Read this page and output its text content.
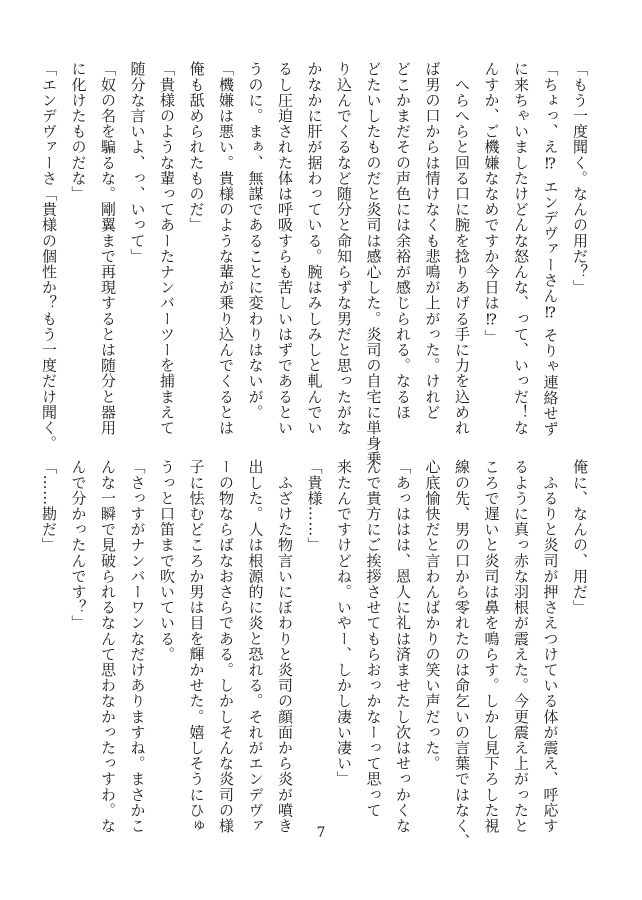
「もう一度聞く。なんの用だ？」
「ちょっ、え⁉︎ エンデヴァーさん⁉︎ そりゃ連絡せず
に来ちゃいましたけどんな怒んな、って、いっだ！な
んすか、ご機嫌ななめですか今日は⁉︎」
　へらへらと回る口に腕を捻りあげる手に力を込めれ
ば男の口からは情けなくも悲鳴が上がった。けれど
どこかまだその声色には余裕が感じられる。なるほ
どたいしたものだと炎司は感心した。炎司の自宅に単身乗
り込んでくるなど随分と命知らずな男だと思ったがな
かなかに肝が据わっている。腕はみしみしと軋んでい
るし圧迫された体は呼吸すらも苦しいはずであるとい
うのに。まぁ、無謀であることに変わりはないが。
「機嫌は悪い。貴様のような輩が乗り込んでくるとは
俺も舐められたものだ」
「貴様のような輩ってあーたナンバーツーを捕まえて
随分な言いよ、っ、いって」
「奴の名を騙るな。剛翼まで再現するとは随分と器用
に化けたものだな」
「エンデヴァーさ「貴様の個性か？もう一度だけ聞く。
俺に、なんの、用だ」
　ふるりと炎司が押さえつけている体が震え、呼応す
るように真っ赤な羽根が震えた。今更震え上がったと
ころで遅いと炎司は鼻を鳴らす。しかし見下ろした視
線の先、男の口から零れたのは命乞いの言葉ではなく、
心底愉快だと言わんばかりの笑い声だった。
「あっははは、恩人に礼は済ませたし次はせっかくな
んで貴方にご挨拶させてもらおっかなーって思って
来たんですけどね。いやー、しかし凄い凄い」
「貴様……」
　ふざけた物言いにぼわりと炎司の顔面から炎が噴き
出した。人は根源的に炎と恐れる。それがエンデヴァ
ーの物ならばなおさらである。しかしそんな炎司の様
子に怯むどころか男は目を輝かせた。嬉しそうにひゅ
うっと口笛まで吹いている。
「さっすがナンバーワンなだけありますね。まさかこ
んな一瞬で見破られるなんて思わなかったっすわ。な
んで分かったんです？」
「……勘だ」
7
